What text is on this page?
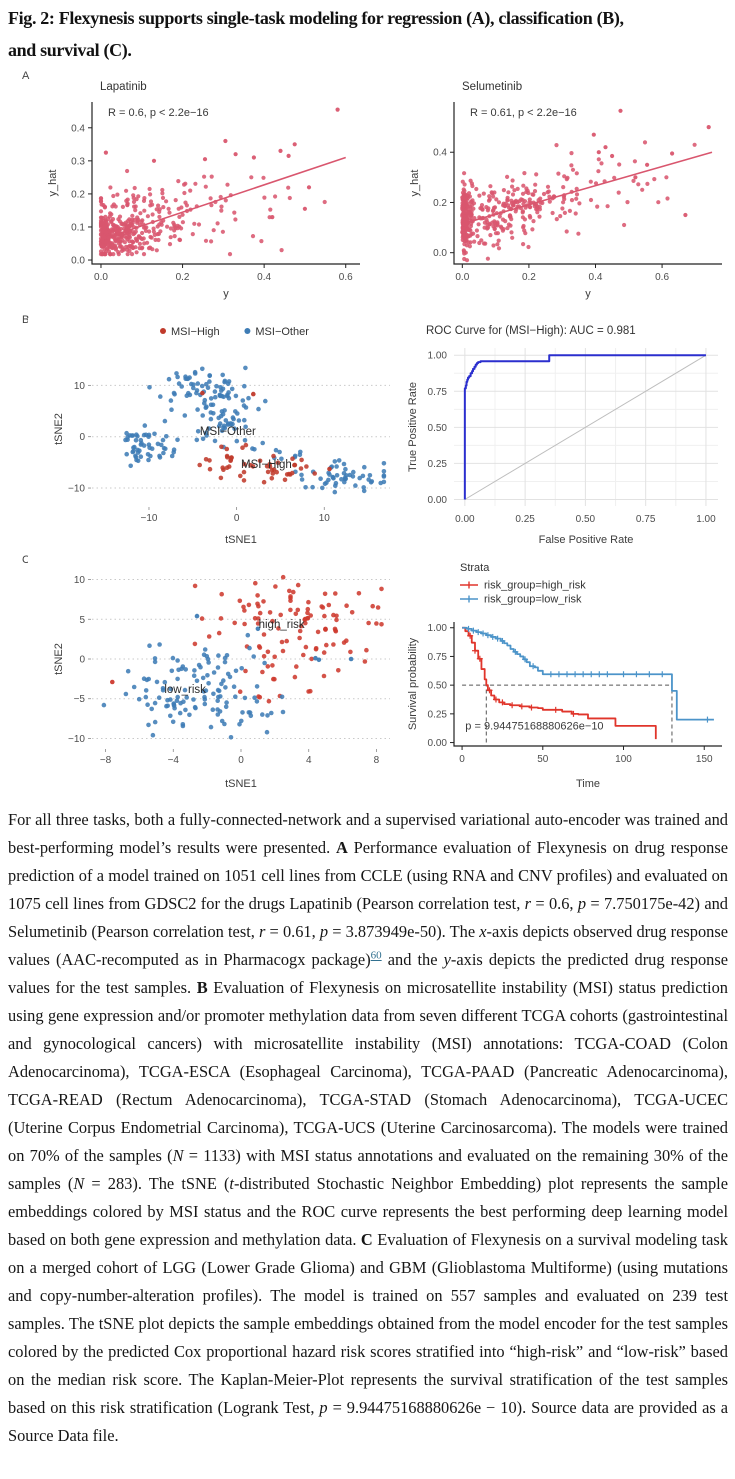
Fig. 2: Flexynesis supports single-task modeling for regression (A), classification (B),
and survival (C).
A
B
C
0.0
0.1
0.2
0.3
0.4
0.0	0.2	0.4	0.6
y
y_hat
Lapatinib
R = 0.6, p < 2.2e−16
0.0
0.2
0.4
0.0	0.2	0.4	0.6
y
y_hat
Selumetinib
R = 0.61, p < 2.2e−16
−10
0
10
−10	0	10
tSNE1
tSNE2
MSI−High	MSI−Other
MSI−Other
MSI−High
0.00
0.00
0.25
0.25
0.50
0.50
0.75
0.75
1.00
1.00
False Positive Rate
True Positive Rate
ROC Curve for (MSI−High): AUC = 0.981
−10
−5
0
5
10
−8	−4	0	4	8
tSNE1
tSNE2
high_risk
low_risk
Strata
risk_group=high_risk
risk_group=low_risk
0.00
0.25
0.50
0.75
1.00
0	50	100	150
Time
Survival probability	p = 9.94475168880626e−10
For all three tasks, both a fully-connected-network and a supervised variational auto-encoder was trained and best-performing model’s results were presented. A Performance evaluation of Flexynesis on drug response prediction of a model trained on 1051 cell lines from CCLE (using RNA and CNV profiles) and evaluated on 1075 cell lines from GDSC2 for the drugs Lapatinib (Pearson correlation test, r = 0.6, p = 7.750175e-42) and Selumetinib (Pearson correlation test, r = 0.61, p = 3.873949e-50). The x-axis depicts observed drug response values (AAC-recomputed as in Pharmacogx package)$^{60}$ and the y-axis depicts the predicted drug response values for the test samples. B Evaluation of Flexynesis on microsatellite instability (MSI) status prediction using gene expression and/or promoter methylation data from seven different TCGA cohorts (gastrointestinal and gynocological cancers) with microsatellite instability (MSI) annotations: TCGA-COAD (Colon Adenocarcinoma), TCGA-ESCA (Esophageal Carcinoma), TCGA-PAAD (Pancreatic Adenocarcinoma), TCGA-READ (Rectum Adenocarcinoma), TCGA-STAD (Stomach Adenocarcinoma), TCGA-UCEC (Uterine Corpus Endometrial Carcinoma), TCGA-UCS (Uterine Carcinosarcoma). The models were trained on 70% of the samples (N = 1133) with MSI status annotations and evaluated on the remaining 30% of the samples (N = 283). The tSNE (t-distributed Stochastic Neighbor Embedding) plot represents the sample embeddings colored by MSI status and the ROC curve represents the best performing deep learning model based on both gene expression and methylation data. C Evaluation of Flexynesis on a survival modeling task on a merged cohort of LGG (Lower Grade Glioma) and GBM (Glioblastoma Multiforme) (using mutations and copy-number-alteration profiles). The model is trained on 557 samples and evaluated on 239 test samples. The tSNE plot depicts the sample embeddings obtained from the model encoder for the test samples colored by the predicted Cox proportional hazard risk scores stratified into “high-risk” and “low-risk” based on the median risk score. The Kaplan-Meier-Plot represents the survival stratification of the test samples based on this risk stratification (Logrank Test, p = 9.94475168880626e − 10). Source data are provided as a Source Data file.
